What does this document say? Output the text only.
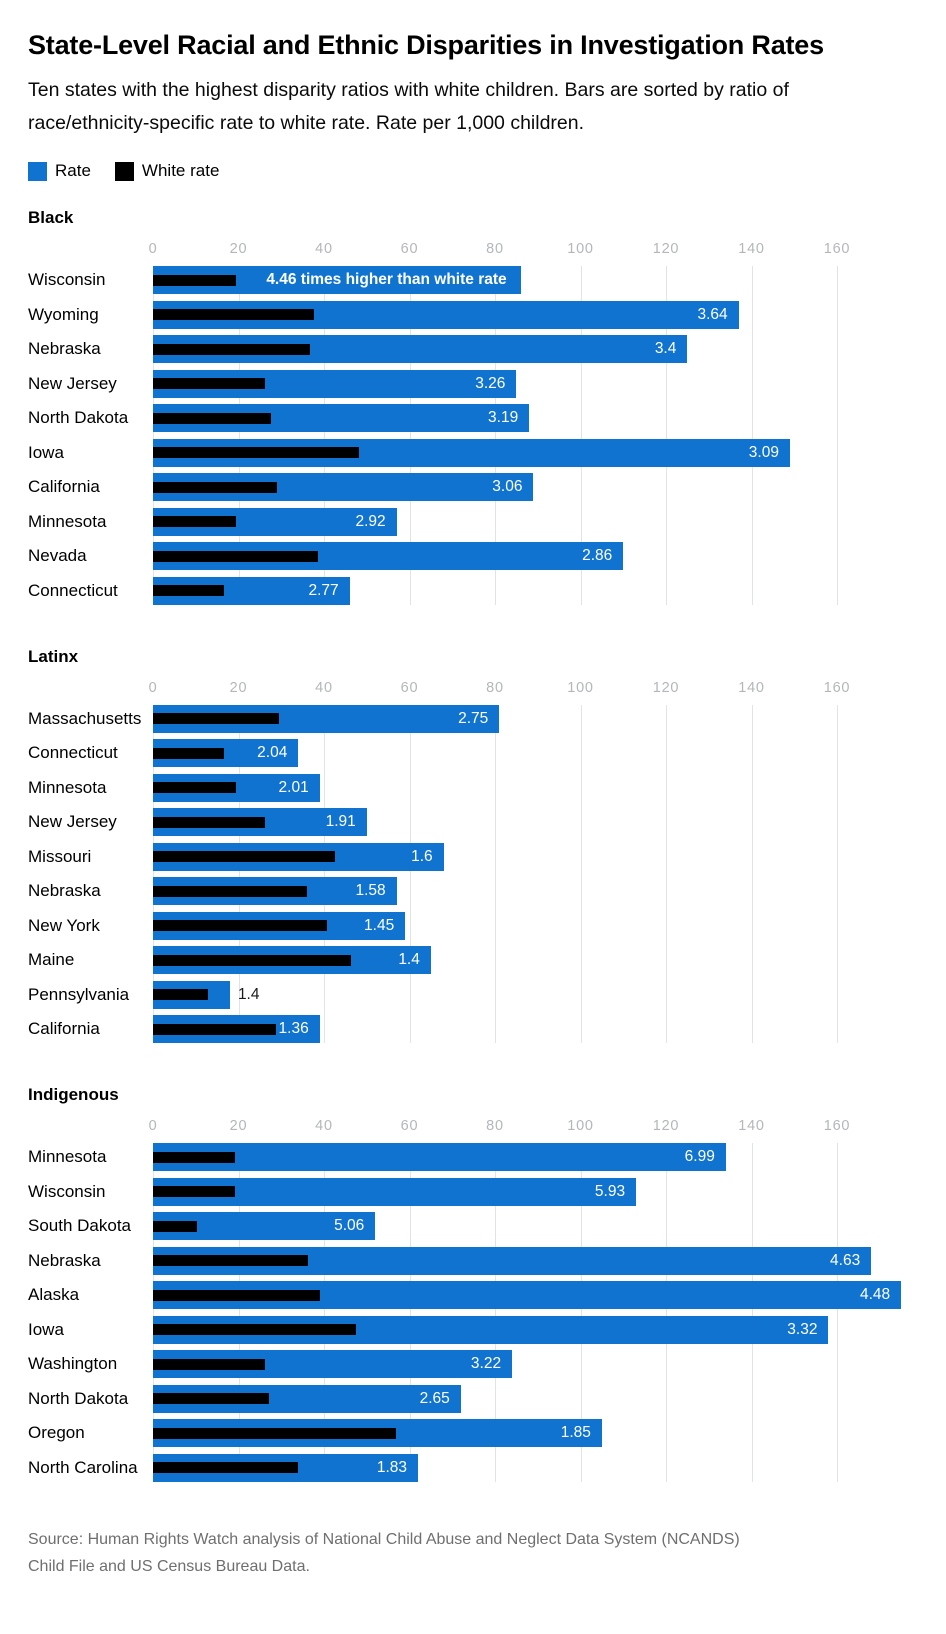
State-Level Racial and Ethnic Disparities in Investigation Rates

Ten states with the highest disparity ratios with white children. Bars are sorted by ratio of
race/ethnicity-specific rate to white rate. Rate per 1,000 children.

Rate	White rate
Black
0	20	40	60	80	100	120	140	160
Wisconsin	4.46 times higher than white rate
Wyoming	3.64
Nebraska	3.4
New Jersey	3.26
North Dakota	3.19
Iowa	3.09
California	3.06
Minnesota	2.92
Nevada	2.86
Connecticut	2.77
Latinx
0	20	40	60	80	100	120	140	160
Massachusetts	2.75
Connecticut	2.04
Minnesota	2.01
New Jersey	1.91
Missouri	1.6
Nebraska	1.58
New York	1.45
Maine	1.4
Pennsylvania	1.4
California	1.36
Indigenous
0	20	40	60	80	100	120	140	160
Minnesota	6.99
Wisconsin	5.93
South Dakota	5.06
Nebraska	4.63
Alaska	4.48
Iowa	3.32
Washington	3.22
North Dakota	2.65
Oregon	1.85
North Carolina	1.83

Source: Human Rights Watch analysis of National Child Abuse and Neglect Data System (NCANDS)
Child File and US Census Bureau Data.
